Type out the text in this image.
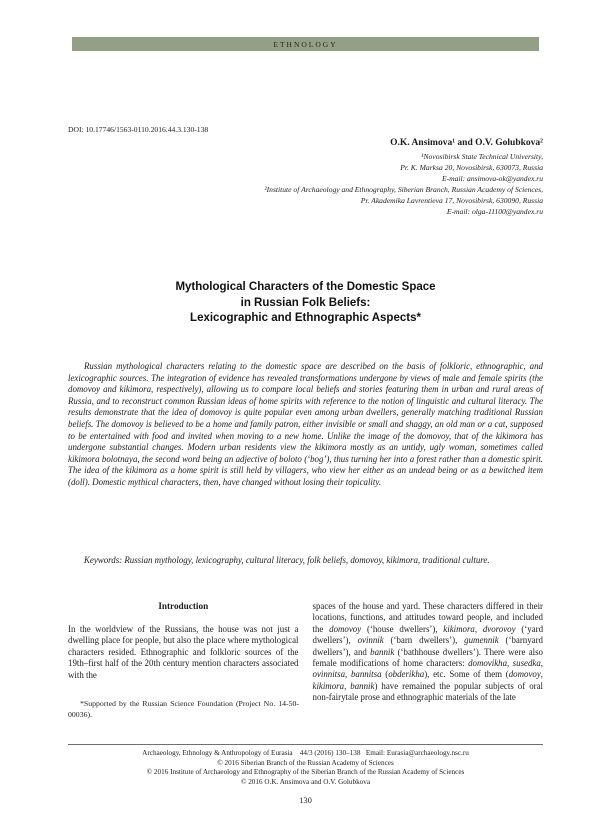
ETHNOLOGY
DOI: 10.17746/1563-0110.2016.44.3.130-138
O.K. Ansimova¹ and O.V. Golubkova²
¹Novosibirsk State Technical University,
Pr. K. Marksa 20, Novosibirsk, 630073, Russia
E-mail: ansimova-ok@yandex.ru
²Institute of Archaeology and Ethnography, Siberian Branch, Russian Academy of Sciences,
Pr. Akademika Lavrentieva 17, Novosibirsk, 630090, Russia
E-mail: olga-11100@yandex.ru
Mythological Characters of the Domestic Space
in Russian Folk Beliefs:
Lexicographic and Ethnographic Aspects*
Russian mythological characters relating to the domestic space are described on the basis of folkloric, ethnographic, and lexicographic sources. The integration of evidence has revealed transformations undergone by views of male and female spirits (the domovoy and kikimora, respectively), allowing us to compare local beliefs and stories featuring them in urban and rural areas of Russia, and to reconstruct common Russian ideas of home spirits with reference to the notion of linguistic and cultural literacy. The results demonstrate that the idea of domovoy is quite popular even among urban dwellers, generally matching traditional Russian beliefs. The domovoy is believed to be a home and family patron, either invisible or small and shaggy, an old man or a cat, supposed to be entertained with food and invited when moving to a new home. Unlike the image of the domovoy, that of the kikimora has undergone substantial changes. Modern urban residents view the kikimora mostly as an untidy, ugly woman, sometimes called kikimora bolotnaya, the second word being an adjective of boloto (‘bog’), thus turning her into a forest rather than a domestic spirit. The idea of the kikimora as a home spirit is still held by villagers, who view her either as an undead being or as a bewitched item (doll). Domestic mythical characters, then, have changed without losing their topicality.
Keywords: Russian mythology, lexicography, cultural literacy, folk beliefs, domovoy, kikimora, traditional culture.
Introduction

In the worldview of the Russians, the house was not just a dwelling place for people, but also the place where mythological characters resided. Ethnographic and folkloric sources of the 19th–first half of the 20th century mention characters associated with the

spaces of the house and yard. These characters differed in their locations, functions, and attitudes toward people, and included the domovoy (‘house dwellers’), kikimora, dvorovoy (‘yard dwellers’), ovinnik (‘barn dwellers’), gumennik (‘barnyard dwellers’), and bannik (‘bathhouse dwellers’). There were also female modifications of home characters: domovikha, susedka, ovinnitsa, bannitsa (obderikha), etc. Some of them (domovoy, kikimora, bannik) have remained the popular subjects of oral non-fairytale prose and ethnographic materials of the late

*Supported by the Russian Science Foundation (Project No. 14-50-00036).
Archaeology, Ethnology & Anthropology of Eurasia    44/3 (2016) 130–138   Email: Eurasia@archaeology.nsc.ru
© 2016 Siberian Branch of the Russian Academy of Sciences
© 2016 Institute of Archaeology and Ethnography of the Siberian Branch of the Russian Academy of Sciences
© 2016 O.K. Ansimova and O.V. Golubkova
130
